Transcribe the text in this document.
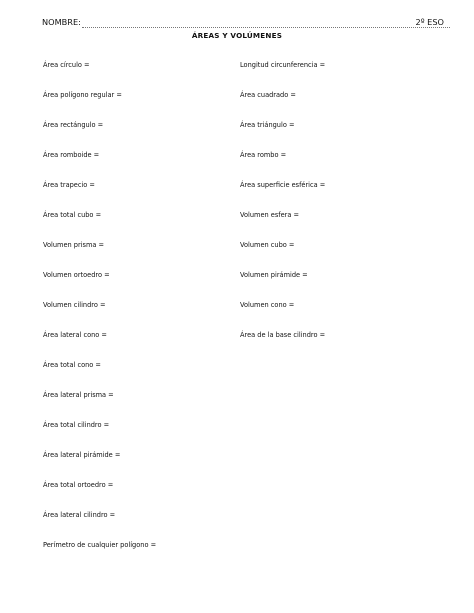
NOMBRE:	2º ESO
ÁREAS Y VOLÚMENES
Área círculo =
Área polígono regular =
Área rectángulo =
Área romboide =
Área trapecio =
Área total cubo =
Volumen prisma =
Volumen ortoedro =
Volumen cilindro =
Área lateral cono =
Área total cono =
Área lateral prisma =
Área total cilindro =
Área lateral pirámide =
Área total ortoedro =
Área lateral cilindro =
Perímetro de cualquier polígono =
Longitud circunferencia =
Área cuadrado =
Área triángulo =
Área rombo =
Área superficie esférica =
Volumen esfera =
Volumen cubo =
Volumen pirámide =
Volumen cono =
Área de la base cilindro =
